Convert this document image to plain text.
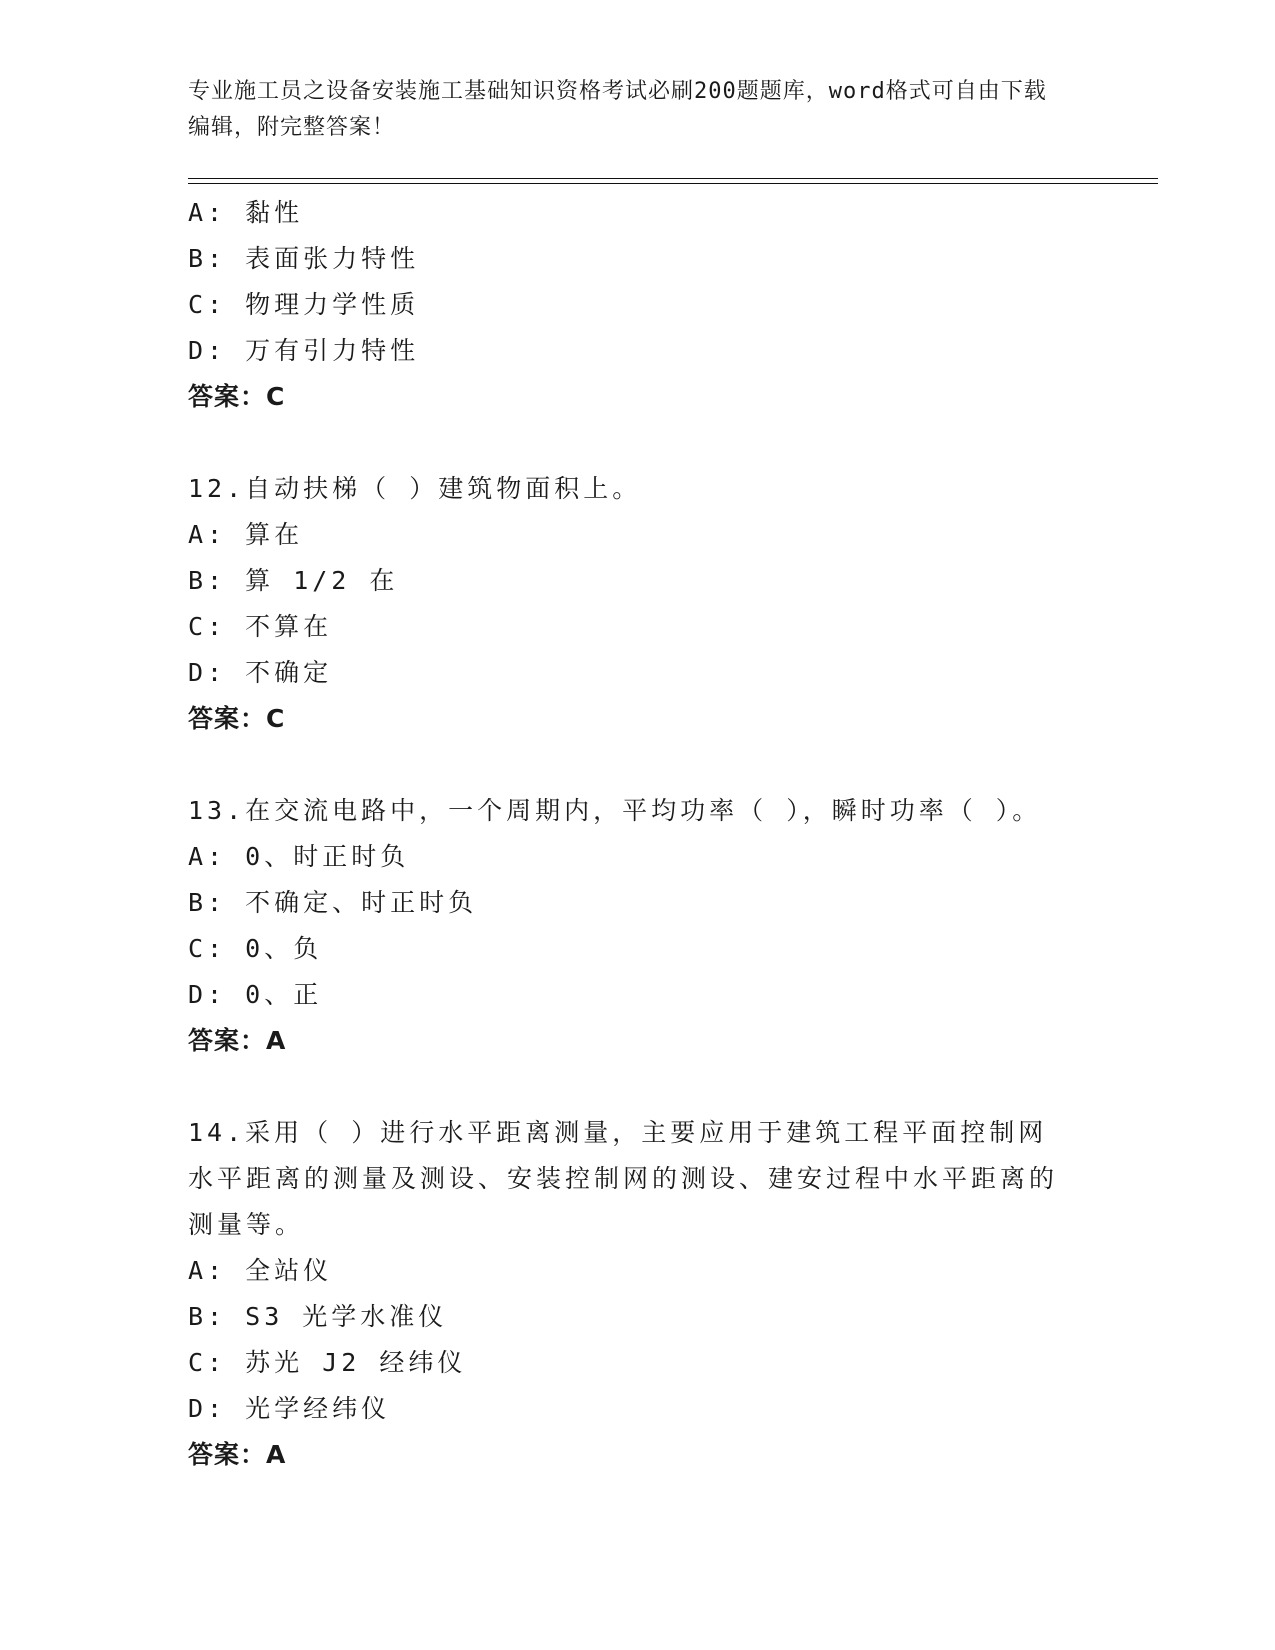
专业施工员之设备安装施工基础知识资格考试必刷200题题库，word格式可自由下载编辑，附完整答案！
A: 黏性
B: 表面张力特性
C: 物理力学性质
D: 万有引力特性
答案：C
12.自动扶梯（ ）建筑物面积上。
A: 算在
B: 算 1/2 在
C: 不算在
D: 不确定
答案：C
13.在交流电路中，一个周期内，平均功率（ ），瞬时功率（ ）。
A: 0、时正时负
B: 不确定、时正时负
C: 0、负
D: 0、正
答案：A
14.采用（ ）进行水平距离测量，主要应用于建筑工程平面控制网水平距离的测量及测设、安装控制网的测设、建安过程中水平距离的测量等。
A: 全站仪
B: S3 光学水准仪
C: 苏光 J2 经纬仪
D: 光学经纬仪
答案：A
